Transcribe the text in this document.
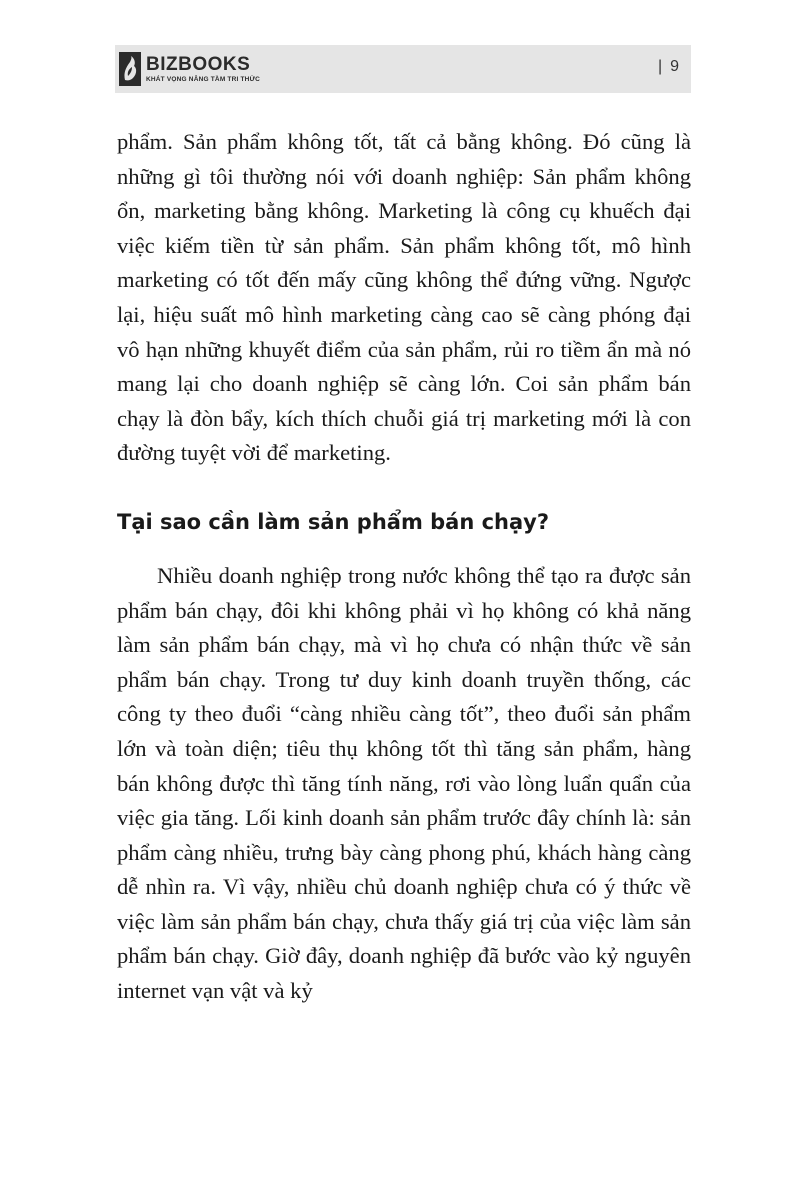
BIZBOOKS
KHÁT VỌNG NÂNG TẦM TRI THỨC
| 9

phẩm. Sản phẩm không tốt, tất cả bằng không. Đó cũng là những gì tôi thường nói với doanh nghiệp: Sản phẩm không ổn, marketing bằng không. Marketing là công cụ khuếch đại việc kiếm tiền từ sản phẩm. Sản phẩm không tốt, mô hình marketing có tốt đến mấy cũng không thể đứng vững. Ngược lại, hiệu suất mô hình marketing càng cao sẽ càng phóng đại vô hạn những khuyết điểm của sản phẩm, rủi ro tiềm ẩn mà nó mang lại cho doanh nghiệp sẽ càng lớn. Coi sản phẩm bán chạy là đòn bẩy, kích thích chuỗi giá trị marketing mới là con đường tuyệt vời để marketing.

Tại sao cần làm sản phẩm bán chạy?

Nhiều doanh nghiệp trong nước không thể tạo ra được sản phẩm bán chạy, đôi khi không phải vì họ không có khả năng làm sản phẩm bán chạy, mà vì họ chưa có nhận thức về sản phẩm bán chạy. Trong tư duy kinh doanh truyền thống, các công ty theo đuổi “càng nhiều càng tốt”, theo đuổi sản phẩm lớn và toàn diện; tiêu thụ không tốt thì tăng sản phẩm, hàng bán không được thì tăng tính năng, rơi vào lòng luẩn quẩn của việc gia tăng. Lối kinh doanh sản phẩm trước đây chính là: sản phẩm càng nhiều, trưng bày càng phong phú, khách hàng càng dễ nhìn ra. Vì vậy, nhiều chủ doanh nghiệp chưa có ý thức về việc làm sản phẩm bán chạy, chưa thấy giá trị của việc làm sản phẩm bán chạy. Giờ đây, doanh nghiệp đã bước vào kỷ nguyên internet vạn vật và kỷ
